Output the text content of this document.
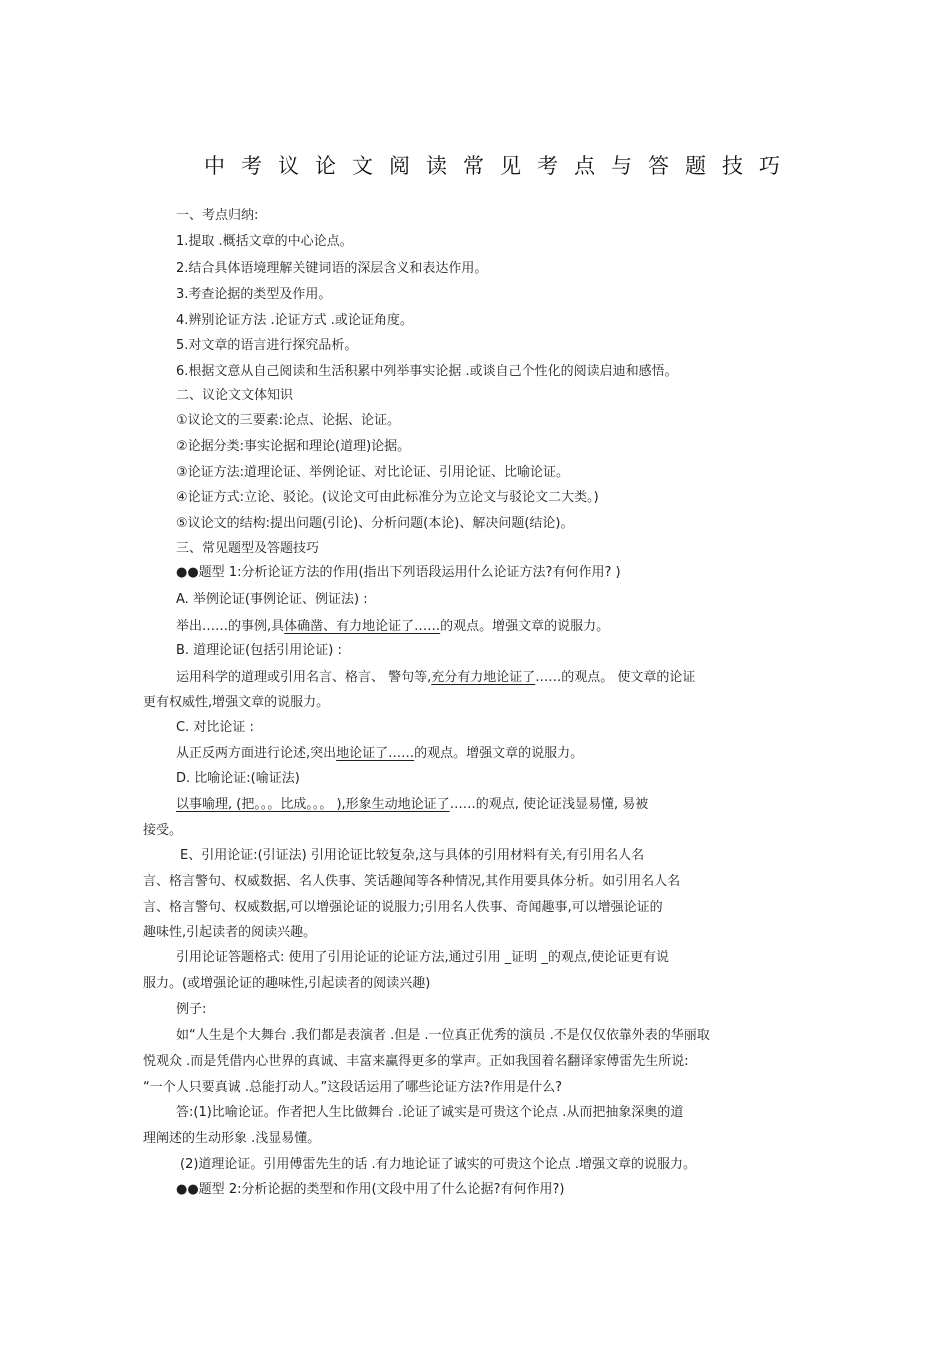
中考议论文阅读常见考点与答题技巧
一、考点归纳:
1.提取 .概括文章的中心论点。
2.结合具体语境理解关键词语的深层含义和表达作用。
3.考查论据的类型及作用。
4.辨别论证方法 .论证方式 .或论证角度。
5.对文章的语言进行探究品析。
6.根据文意从自己阅读和生活积累中列举事实论据 .或谈自己个性化的阅读启迪和感悟。
二、议论文文体知识
①议论文的三要素:论点、论据、论证。
②论据分类:事实论据和理论(道理)论据。
③论证方法:道理论证、举例论证、对比论证、引用论证、比喻论证。
④论证方式:立论、驳论。(议论文可由此标准分为立论文与驳论文二大类。)
⑤议论文的结构:提出问题(引论)、分析问题(本论)、解决问题(结论)。
三、常见题型及答题技巧
●●题型 1:分析论证方法的作用(指出下列语段运用什么论证方法?有何作用? )
A. 举例论证(事例论证、例证法) :
举出……的事例,具体确凿、有力地论证了……的观点。增强文章的说服力。
B. 道理论证(包括引用论证) :
运用科学的道理或引用名言、格言、 警句等,充分有力地论证了……的观点。 使文章的论证
更有权威性,增强文章的说服力。
C. 对比论证 :
从正反两方面进行论述,突出地论证了……的观点。增强文章的说服力。
D. 比喻论证:(喻证法)
以事喻理, (把。。。比成。。。 ),形象生动地论证了……的观点, 使论证浅显易懂, 易被
接受。
E、引用论证:(引证法) 引用论证比较复杂,这与具体的引用材料有关,有引用名人名
言、格言警句、权威数据、名人佚事、笑话趣闻等各种情况,其作用要具体分析。如引用名人名
言、格言警句、权威数据,可以增强论证的说服力;引用名人佚事、奇闻趣事,可以增强论证的
趣味性,引起读者的阅读兴趣。
引用论证答题格式: 使用了引用论证的论证方法,通过引用 _证明 _的观点,使论证更有说
服力。(或增强论证的趣味性,引起读者的阅读兴趣)
例子:
如“人生是个大舞台 .我们都是表演者 .但是 .一位真正优秀的演员 .不是仅仅依靠外表的华丽取
悦观众 .而是凭借内心世界的真诚、丰富来赢得更多的掌声。正如我国着名翻译家傅雷先生所说:
“一个人只要真诚 .总能打动人。”这段话运用了哪些论证方法?作用是什么?
答:(1)比喻论证。作者把人生比做舞台 .论证了诚实是可贵这个论点 .从而把抽象深奥的道
理阐述的生动形象 .浅显易懂。
(2)道理论证。引用傅雷先生的话 .有力地论证了诚实的可贵这个论点 .增强文章的说服力。
●●题型 2:分析论据的类型和作用(文段中用了什么论据?有何作用?)
